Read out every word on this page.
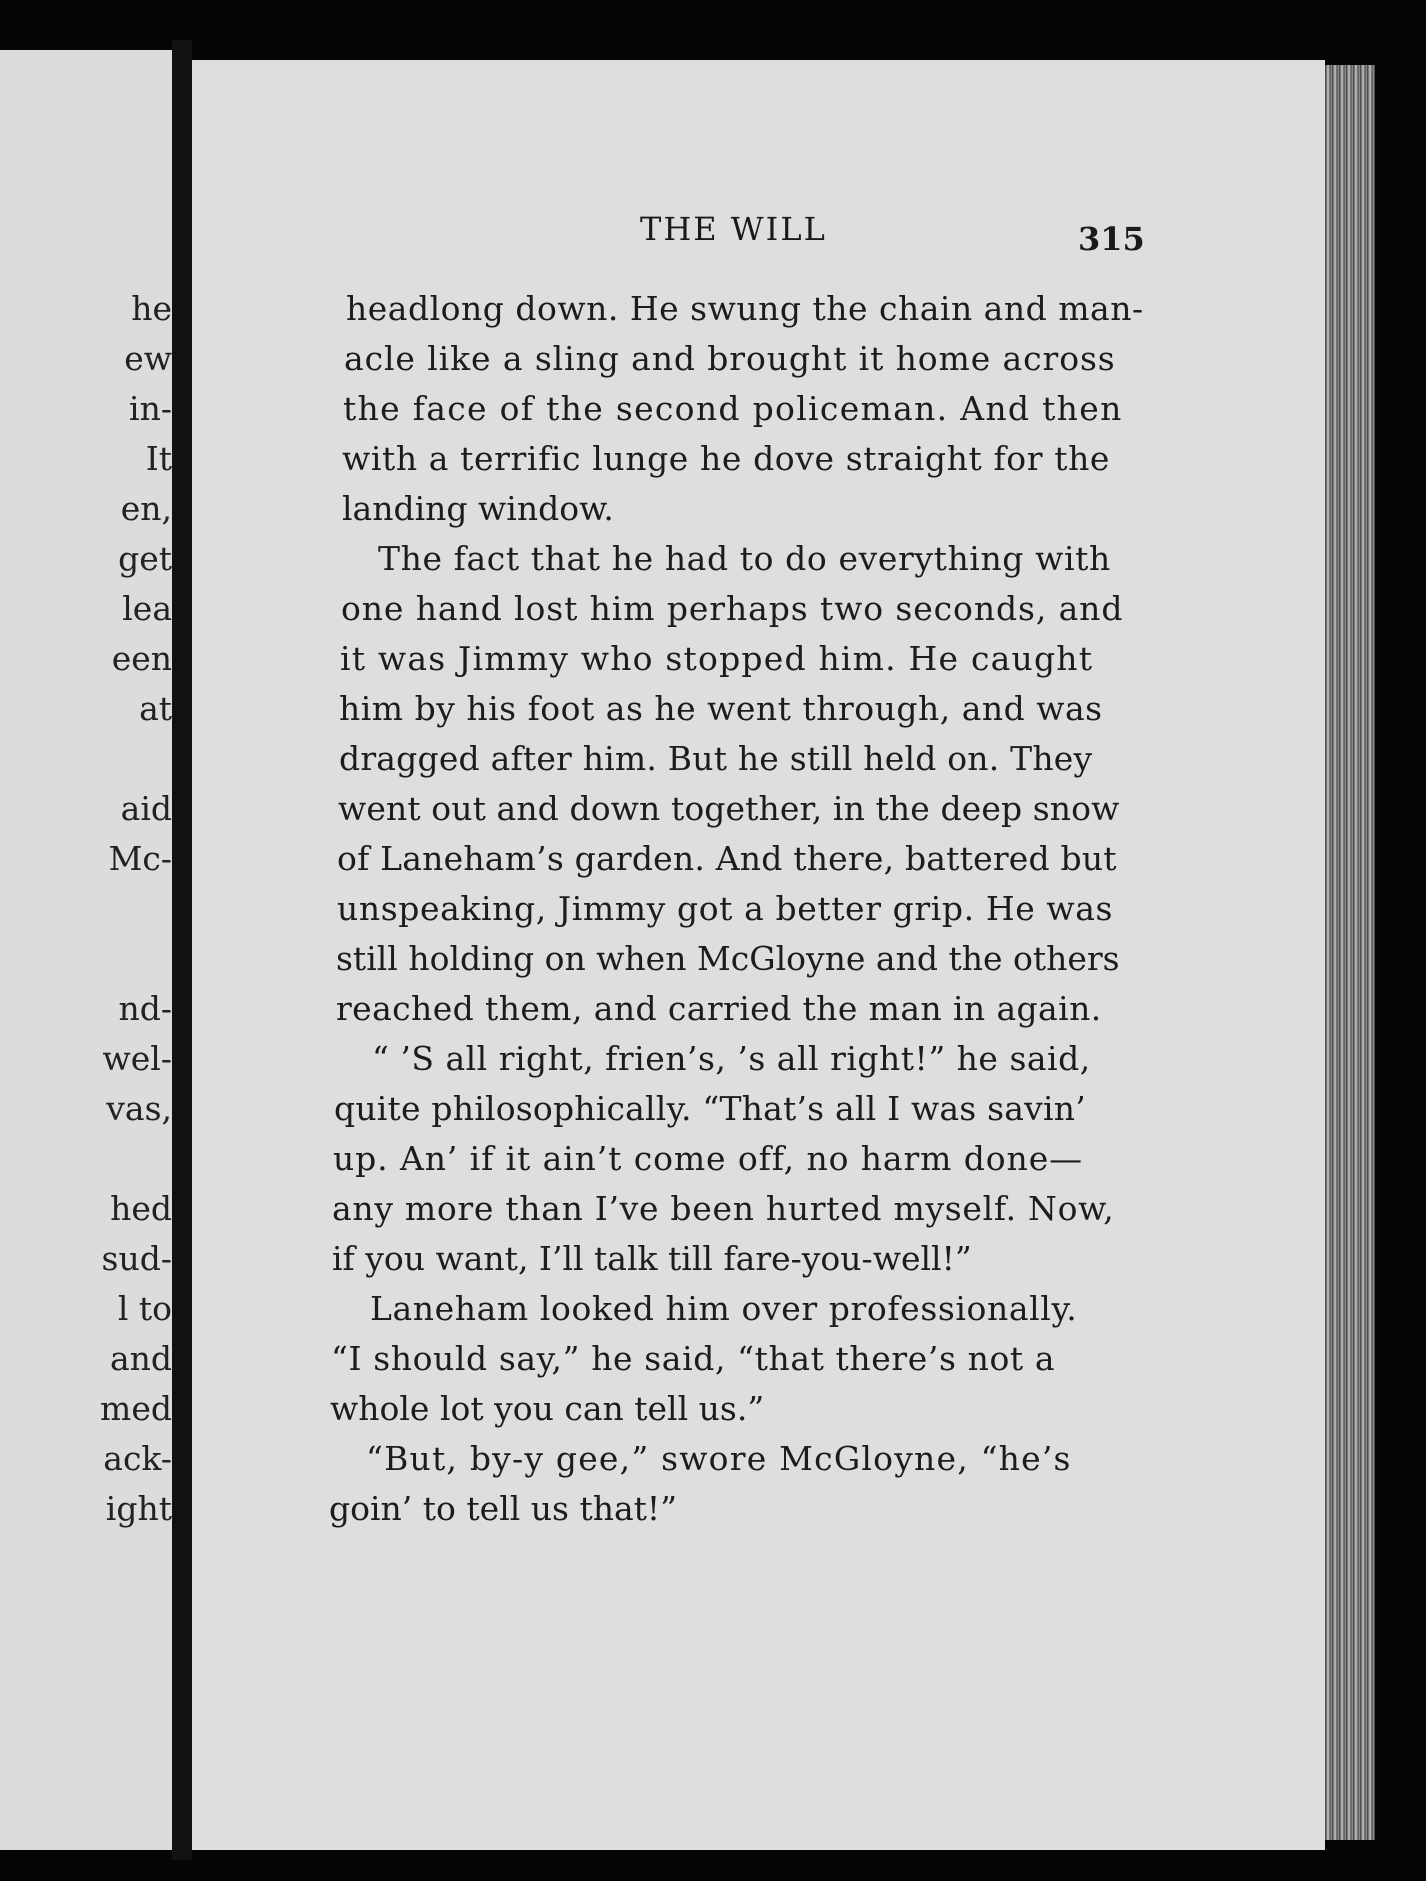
he
ew
in-
It
en,
get
lea
een
at
aid
Mc-
nd-
wel-
vas,
hed
sud-
l to
and
med
ack-
ight
THE WILL	315
headlong down. He swung the chain and man-
acle like a sling and brought it home across
the face of the second policeman. And then
with a terrific lunge he dove straight for the
landing window.
The fact that he had to do everything with
one hand lost him perhaps two seconds, and
it was Jimmy who stopped him. He caught
him by his foot as he went through, and was
dragged after him. But he still held on. They
went out and down together, in the deep snow
of Laneham’s garden. And there, battered but
unspeaking, Jimmy got a better grip. He was
still holding on when McGloyne and the others
reached them, and carried the man in again.
“ ’S all right, frien’s, ’s all right!” he said,
quite philosophically. “That’s all I was savin’
up. An’ if it ain’t come off, no harm done—
any more than I’ve been hurted myself. Now,
if you want, I’ll talk till fare-you-well!”
Laneham looked him over professionally.
“I should say,” he said, “that there’s not a
whole lot you can tell us.”
“But, by-y gee,” swore McGloyne, “he’s
goin’ to tell us that!”
